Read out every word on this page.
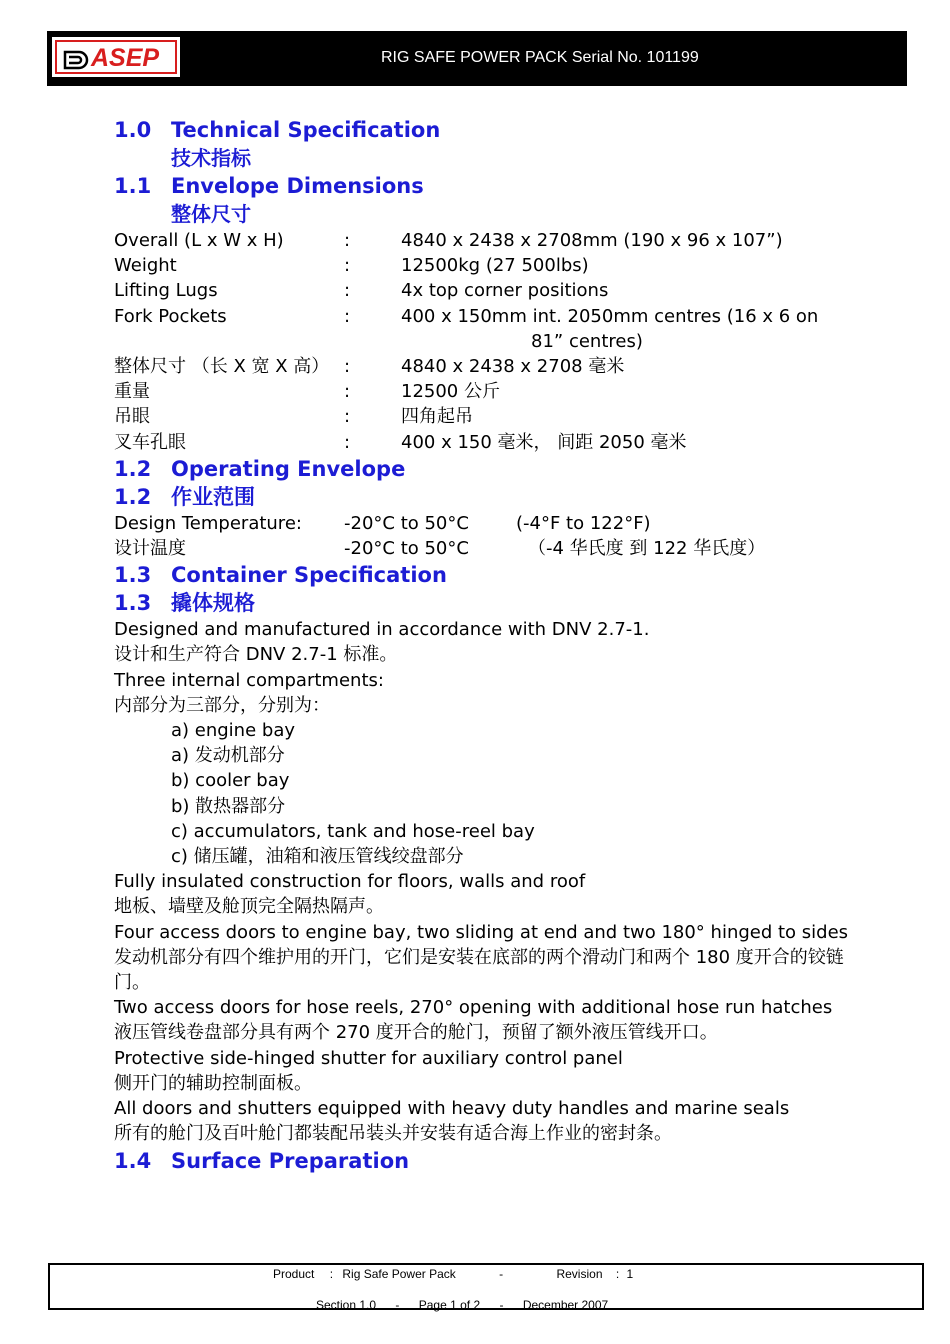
ASEP	RIG SAFE POWER PACK Serial No. 101199
1.0 Technical Specification
技术指标
1.1 Envelope Dimensions
整体尺寸
Overall (L x W x H)	:	4840 x 2438 x 2708mm (190 x 96 x 107”)
Weight	:	12500kg (27 500lbs)
Lifting Lugs	:	4x top corner positions
Fork Pockets	:	400 x 150mm int. 2050mm centres (16 x 6 on
81” centres)
整体尺寸 （长 X 宽 X 高） :	4840 x 2438 x 2708 毫米
重量	:	12500 公斤
吊眼	:	四角起吊
叉车孔眼	:	400 x 150 毫米， 间距 2050 毫米
1.2 Operating Envelope
1.2 作业范围
Design Temperature:	-20°C to 50°C	(-4°F to 122°F)
设计温度	-20°C to 50°C	（-4 华氏度 到 122 华氏度）
1.3 Container Specification
1.3 撬体规格
Designed and manufactured in accordance with DNV 2.7-1.
设计和生产符合 DNV 2.7-1 标准。
Three internal compartments:
内部分为三部分，分别为：
a) engine bay
a) 发动机部分
b) cooler bay
b) 散热器部分
c) accumulators, tank and hose-reel bay
c) 储压罐，油箱和液压管线绞盘部分
Fully insulated construction for floors, walls and roof
地板、墙壁及舱顶完全隔热隔声。
Four access doors to engine bay, two sliding at end and two 180° hinged to sides
发动机部分有四个维护用的开门，它们是安装在底部的两个滑动门和两个 180 度开合的铰链门。
Two access doors for hose reels, 270° opening with additional hose run hatches
液压管线卷盘部分具有两个 270 度开合的舱门，预留了额外液压管线开口。
Protective side-hinged shutter for auxiliary control panel
侧开门的辅助控制面板。
All doors and shutters equipped with heavy duty handles and marine seals
所有的舱门及百叶舱门都装配吊装头并安装有适合海上作业的密封条。
1.4 Surface Preparation
Product : Rig Safe Power Pack	-	Revision : 1
Section 1.0 - Page 1 of 2 - December 2007
